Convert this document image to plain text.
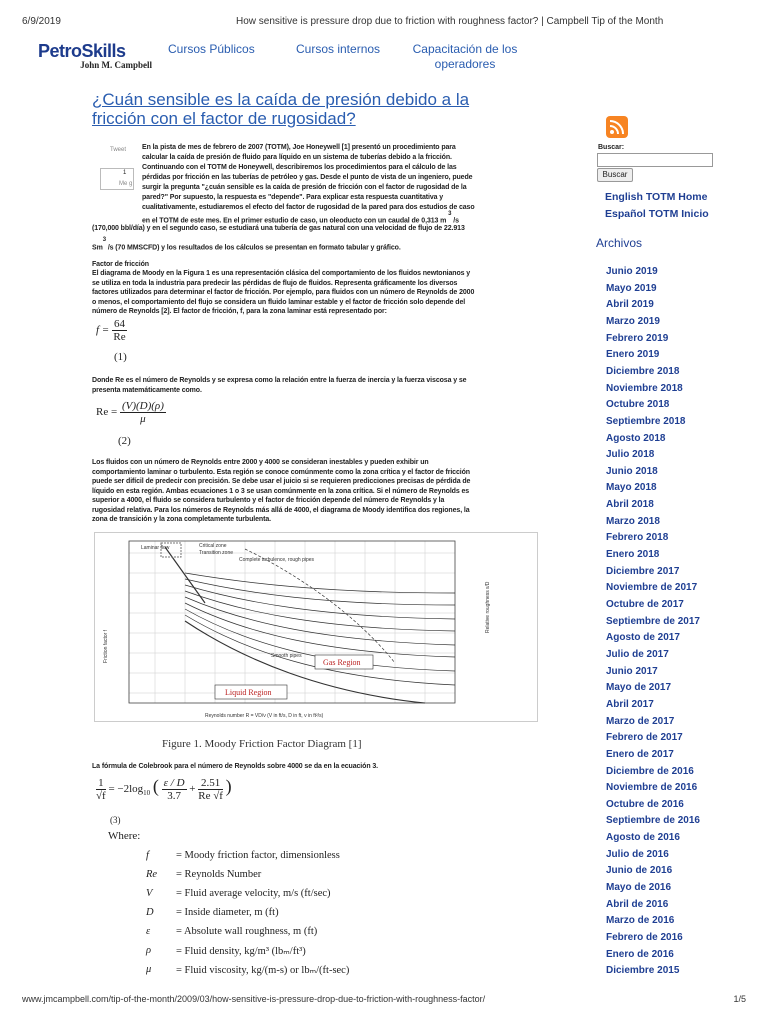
6/9/2019	How sensitive is pressure drop due to friction with roughness factor? | Campbell Tip of the Month
PetroSkills
John M. Campbell
Cursos Públicos	Cursos internos	Capacitación de los operadores
¿Cuán sensible es la caída de presión debido a la fricción con el factor de rugosidad?
Tweet
1
Me g
En la pista de mes de febrero de 2007 (TOTM), Joe Honeywell [1] presentó un procedimiento para
calcular la caída de presión de fluido para líquido en un sistema de tuberías debido a la fricción.
Continuando con el TOTM de Honeywell, describiremos los procedimientos para el cálculo de las
pérdidas por fricción en las tuberías de petróleo y gas. Desde el punto de vista de un ingeniero, puede
surgir la pregunta "¿cuán sensible es la caída de presión de fricción con el factor de rugosidad de la
pared?" Por supuesto, la respuesta es "depende". Para explicar esta respuesta cuantitativa y
cualitativamente, estudiaremos el efecto del factor de rugosidad de la pared para dos estudios de caso
en el TOTM de este mes. En el primer estudio de caso, un oleoducto con un caudal de 0,313 m $^3$ /s
(170,000 bbl/día) y en el segundo caso, se estudiará una tubería de gas natural con una velocidad de flujo de 22.913
Sm$^3$ /s (70 MMSCFD) y los resultados de los cálculos se presentan en formato tabular y gráfico.
Factor de fricción
El diagrama de Moody en la Figura 1 es una representación clásica del comportamiento de los fluidos newtonianos y
se utiliza en toda la industria para predecir las pérdidas de flujo de fluidos. Representa gráficamente los diversos
factores utilizados para determinar el factor de fricción. Por ejemplo, para fluidos con un número de Reynolds de 2000
o menos, el comportamiento del flujo se considera un fluido laminar estable y el factor de fricción solo depende del
número de Reynolds [2]. El factor de fricción, f, para la zona laminar está representado por:
$f = \frac{64}{Re}$
(1)
Donde Re es el número de Reynolds y se expresa como la relación entre la fuerza de inercia y la fuerza viscosa y se
presenta matemáticamente como.
$Re = \frac{(V)(D)(\rho)}{\mu}$
(2)
Los fluidos con un número de Reynolds entre 2000 y 4000 se consideran inestables y pueden exhibir un
comportamiento laminar o turbulento. Esta región se conoce comúnmente como la zona crítica y el factor de fricción
puede ser difícil de predecir con precisión. Se debe usar el juicio si se requieren predicciones precisas de pérdida de
líquido en esta región. Ambas ecuaciones 1 o 3 se usan comúnmente en la zona crítica. Si el número de Reynolds es
superior a 4000, el fluido se considera turbulento y el factor de fricción depende del número de Reynolds y la
rugosidad relativa. Para los números de Reynolds más allá de 4000, el diagrama de Moody identifica dos regiones, la
zona de transición y la zona completamente turbulenta.
Laminar flow	Critical zone
Transition zone
Complete turbulence, rough pipes
Smooth pipes
Gas Region
Liquid Region
Reynolds number R = VD/ν (V in ft/s, D in ft, ν in ft²/s)
Friction factor f
Relative roughness ε/D
Figure 1. Moody Friction Factor Diagram [1]
La fórmula de Colebrook para el número de Reynolds sobre 4000 se da en la ecuación 3.
$\frac{1}{√f} = -2\log_{10}$ ( $\frac{\varepsilon / D}{3.7} + \frac{2.51}{Re √f}$ )
(3)
Where:
f	= Moody friction factor, dimensionless
Re = Reynolds Number
V = Fluid average velocity, m/s (ft/sec)
D = Inside diameter, m (ft)
ε = Absolute wall roughness, m (ft)
ρ = Fluid density, kg/m³ (lbₘ/ft³)
μ = Fluid viscosity, kg/(m-s) or lbₘ/(ft-sec)
Buscar:
Buscar
English TOTM Home
Español TOTM Inicio
Archivos
Junio 2019
Mayo 2019
Abril 2019
Marzo 2019
Febrero 2019
Enero 2019
Diciembre 2018
Noviembre 2018
Octubre 2018
Septiembre 2018
Agosto 2018
Julio 2018
Junio 2018
Mayo 2018
Abril 2018
Marzo 2018
Febrero 2018
Enero 2018
Diciembre 2017
Noviembre de 2017
Octubre de 2017
Septiembre de 2017
Agosto de 2017
Julio de 2017
Junio 2017
Mayo de 2017
Abril 2017
Marzo de 2017
Febrero de 2017
Enero de 2017
Diciembre de 2016
Noviembre de 2016
Octubre de 2016
Septiembre de 2016
Agosto de 2016
Julio de 2016
Junio de 2016
Mayo de 2016
Abril de 2016
Marzo de 2016
Febrero de 2016
Enero de 2016
Diciembre 2015
www.jmcampbell.com/tip-of-the-month/2009/03/how-sensitive-is-pressure-drop-due-to-friction-with-roughness-factor/	1/5
